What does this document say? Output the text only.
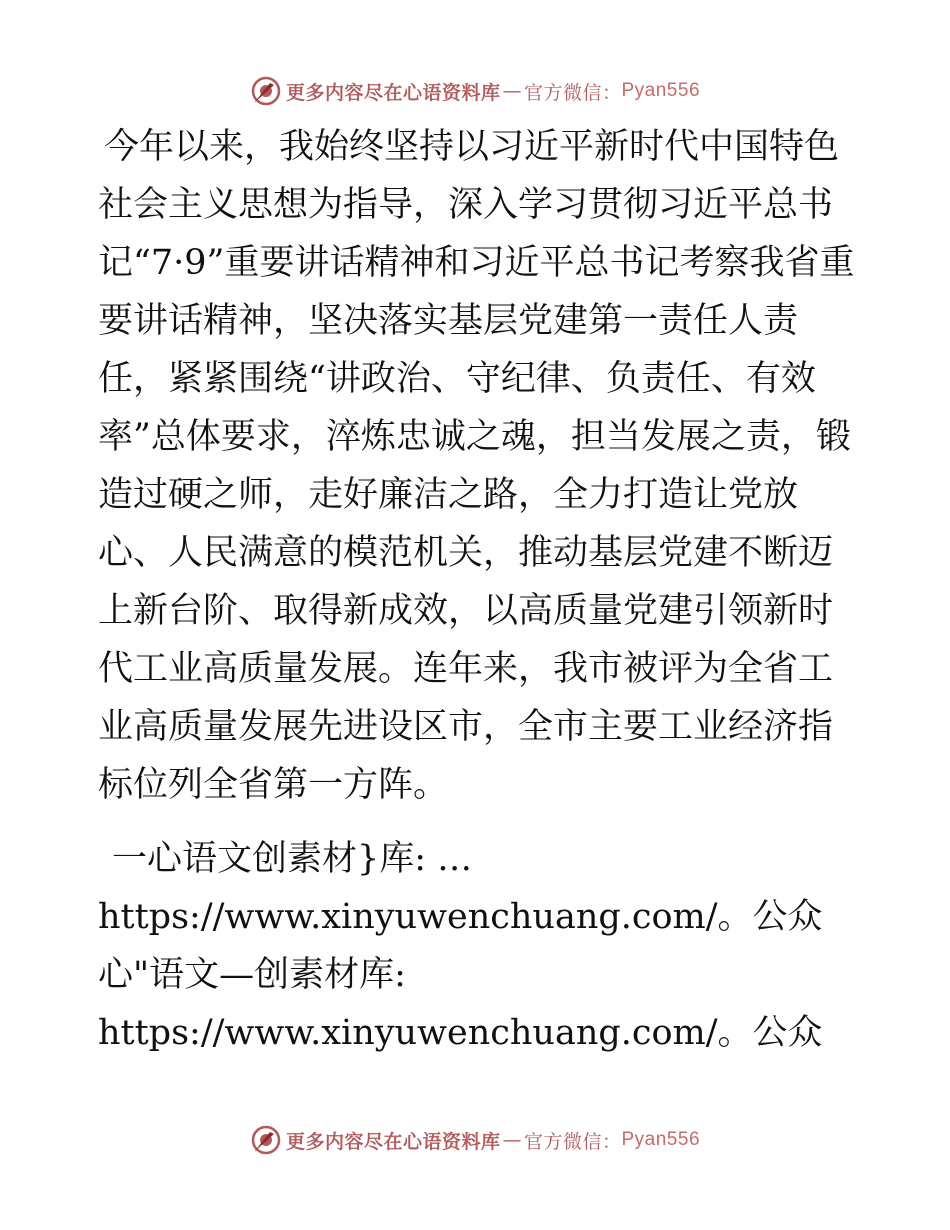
更多内容尽在心语资料库 — 官方微信： Pyan556

今年以来，我始终坚持以习近平新时代中国特色社会主义思想为指导，深入学习贯彻习近平总书记“7·9”重要讲话精神和习近平总书记考察我省重要讲话精神，坚决落实基层党建第一责任人责任，紧紧围绕“讲政治、守纪律、负责任、有效率”总体要求，淬炼忠诚之魂，担当发展之责，锻造过硬之师，走好廉洁之路，全力打造让党放心、人民满意的模范机关，推动基层党建不断迈上新台阶、取得新成效，以高质量党建引领新时代工业高质量发展。连年来，我市被评为全省工业高质量发展先进设区市，全市主要工业经济指标位列全省第一方阵。

一心语文创素材}库: …https://www.xinyuwenchuang.com/。公众心"语文—创素材库: https://www.xinyuwenchuang.com/。公众

更多内容尽在心语资料库 — 官方微信： Pyan556
